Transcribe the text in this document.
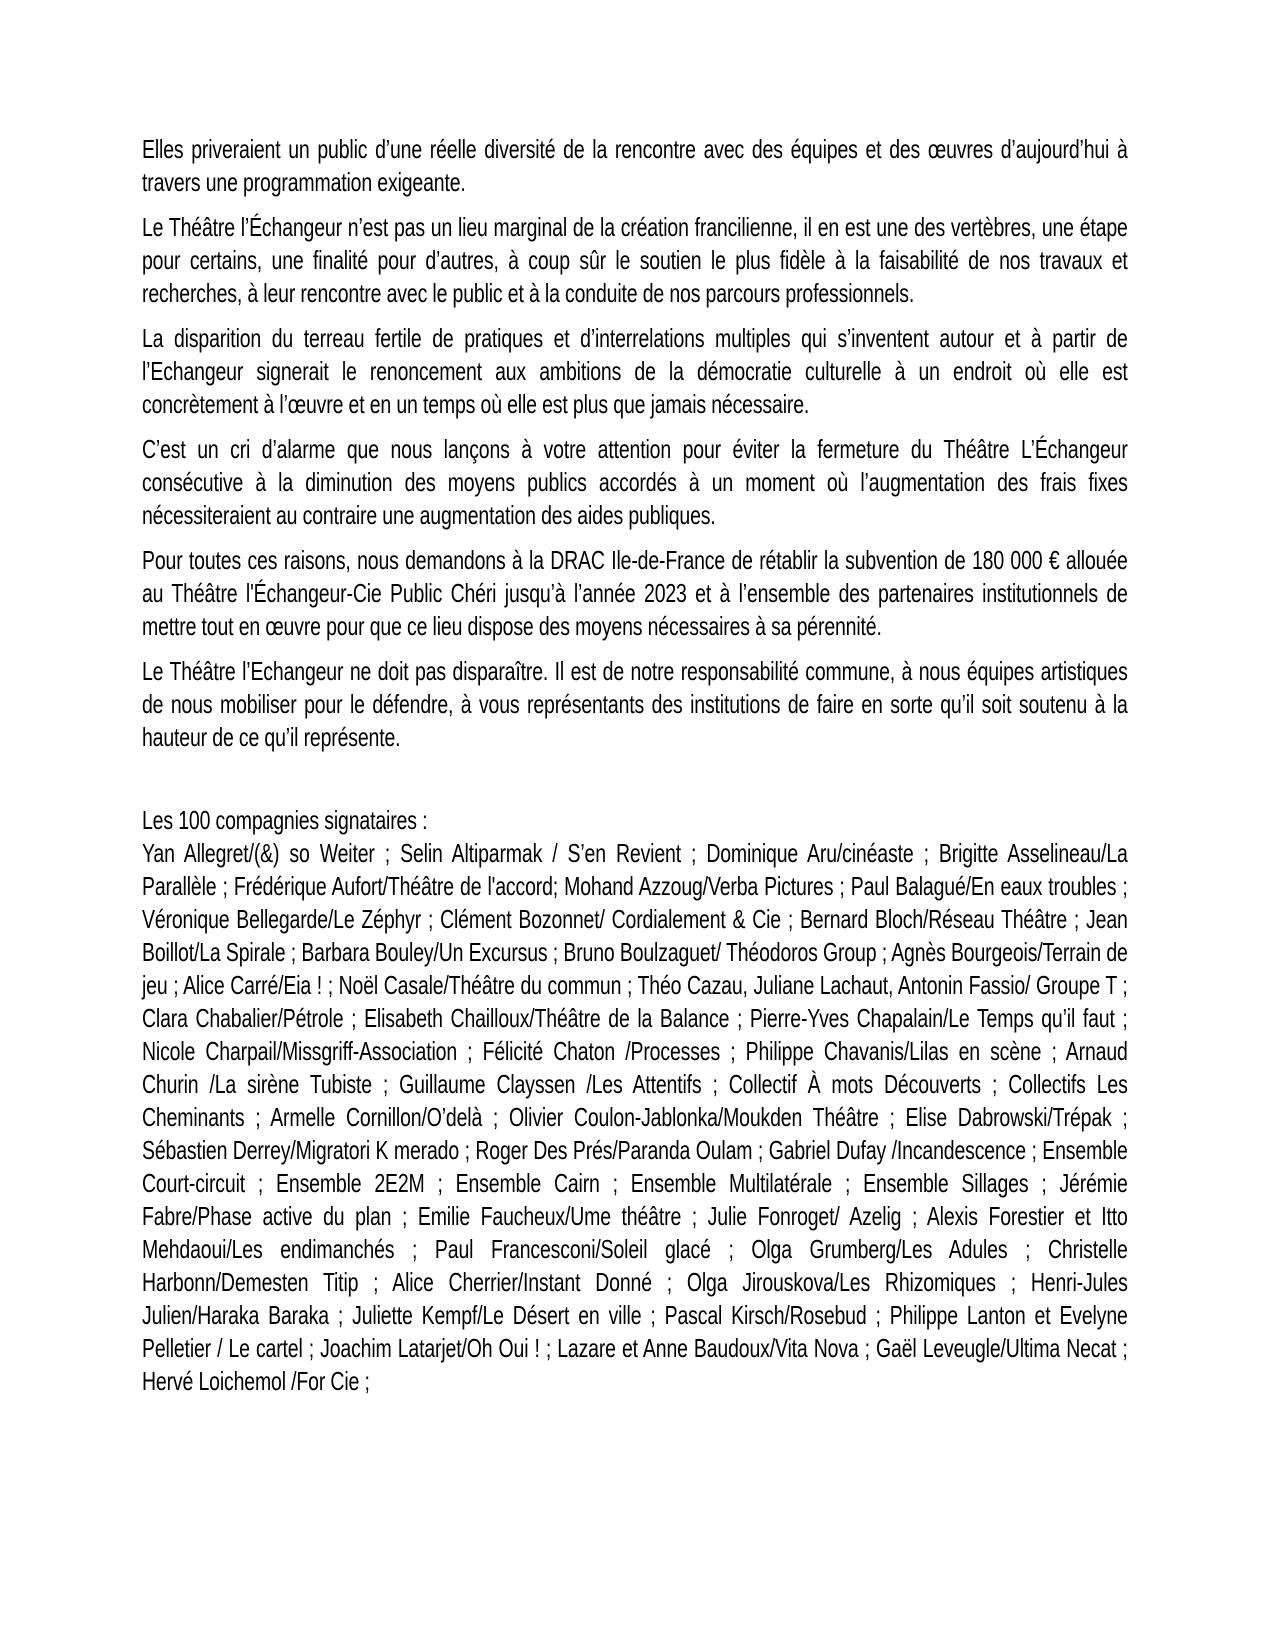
Elles priveraient un public d’une réelle diversité de la rencontre avec des équipes et des œuvres d’aujourd’hui à travers une programmation exigeante.

Le Théâtre l’Échangeur n’est pas un lieu marginal de la création francilienne, il en est une des vertèbres, une étape pour certains, une finalité pour d’autres, à coup sûr le soutien le plus fidèle à la faisabilité de nos travaux et recherches, à leur rencontre avec le public et à la conduite de nos parcours professionnels.

La disparition du terreau fertile de pratiques et d’interrelations multiples qui s’inventent autour et à partir de l’Echangeur signerait le renoncement aux ambitions de la démocratie culturelle à un endroit où elle est concrètement à l’œuvre et en un temps où elle est plus que jamais nécessaire.

C’est un cri d’alarme que nous lançons à votre attention pour éviter la fermeture du Théâtre L’Échangeur consécutive à la diminution des moyens publics accordés à un moment où l’augmentation des frais fixes nécessiteraient au contraire une augmentation des aides publiques.

Pour toutes ces raisons, nous demandons à la DRAC Ile-de-France de rétablir la subvention de 180 000 € allouée au Théâtre l'Échangeur-Cie Public Chéri jusqu’à l’année 2023 et à l’ensemble des partenaires institutionnels de mettre tout en œuvre pour que ce lieu dispose des moyens nécessaires à sa pérennité.

Le Théâtre l’Echangeur ne doit pas disparaître. Il est de notre responsabilité commune, à nous équipes artistiques de nous mobiliser pour le défendre, à vous représentants des institutions de faire en sorte qu’il soit soutenu à la hauteur de ce qu’il représente.

Les 100 compagnies signataires :

Yan Allegret/(&) so Weiter ; Selin Altiparmak / S’en Revient ; Dominique Aru/cinéaste ; Brigitte Asselineau/La Parallèle ; Frédérique Aufort/Théâtre de l'accord; Mohand Azzoug/Verba Pictures ; Paul Balagué/En eaux troubles ; Véronique Bellegarde/Le Zéphyr ; Clément Bozonnet/ Cordialement & Cie ; Bernard Bloch/Réseau Théâtre ; Jean Boillot/La Spirale ; Barbara Bouley/Un Excursus ; Bruno Boulzaguet/ Théodoros Group ; Agnès Bourgeois/Terrain de jeu ; Alice Carré/Eia ! ; Noël Casale/Théâtre du commun ; Théo Cazau, Juliane Lachaut, Antonin Fassio/ Groupe T ; Clara Chabalier/Pétrole ; Elisabeth Chailloux/Théâtre de la Balance ; Pierre-Yves Chapalain/Le Temps qu’il faut ; Nicole Charpail/Missgriff-Association ; Félicité Chaton /Processes ; Philippe Chavanis/Lilas en scène ; Arnaud Churin /La sirène Tubiste ; Guillaume Clayssen /Les Attentifs ; Collectif À mots Découverts ; Collectifs Les Cheminants ; Armelle Cornillon/O’delà ; Olivier Coulon-Jablonka/Moukden Théâtre ; Elise Dabrowski/Trépak ; Sébastien Derrey/Migratori K merado ; Roger Des Prés/Paranda Oulam ; Gabriel Dufay /Incandescence ; Ensemble Court-circuit ; Ensemble 2E2M ; Ensemble Cairn ; Ensemble Multilatérale ; Ensemble Sillages ; Jérémie Fabre/Phase active du plan ; Emilie Faucheux/Ume théâtre ; Julie Fonroget/ Azelig ; Alexis Forestier et Itto Mehdaoui/Les endimanchés ; Paul Francesconi/Soleil glacé ; Olga Grumberg/Les Adules ; Christelle Harbonn/Demesten Titip ; Alice Cherrier/Instant Donné ; Olga Jirouskova/Les Rhizomiques ; Henri-Jules Julien/Haraka Baraka ; Juliette Kempf/Le Désert en ville ; Pascal Kirsch/Rosebud ; Philippe Lanton et Evelyne Pelletier / Le cartel ; Joachim Latarjet/Oh Oui ! ; Lazare et Anne Baudoux/Vita Nova ; Gaël Leveugle/Ultima Necat ; Hervé Loichemol /For Cie ;
